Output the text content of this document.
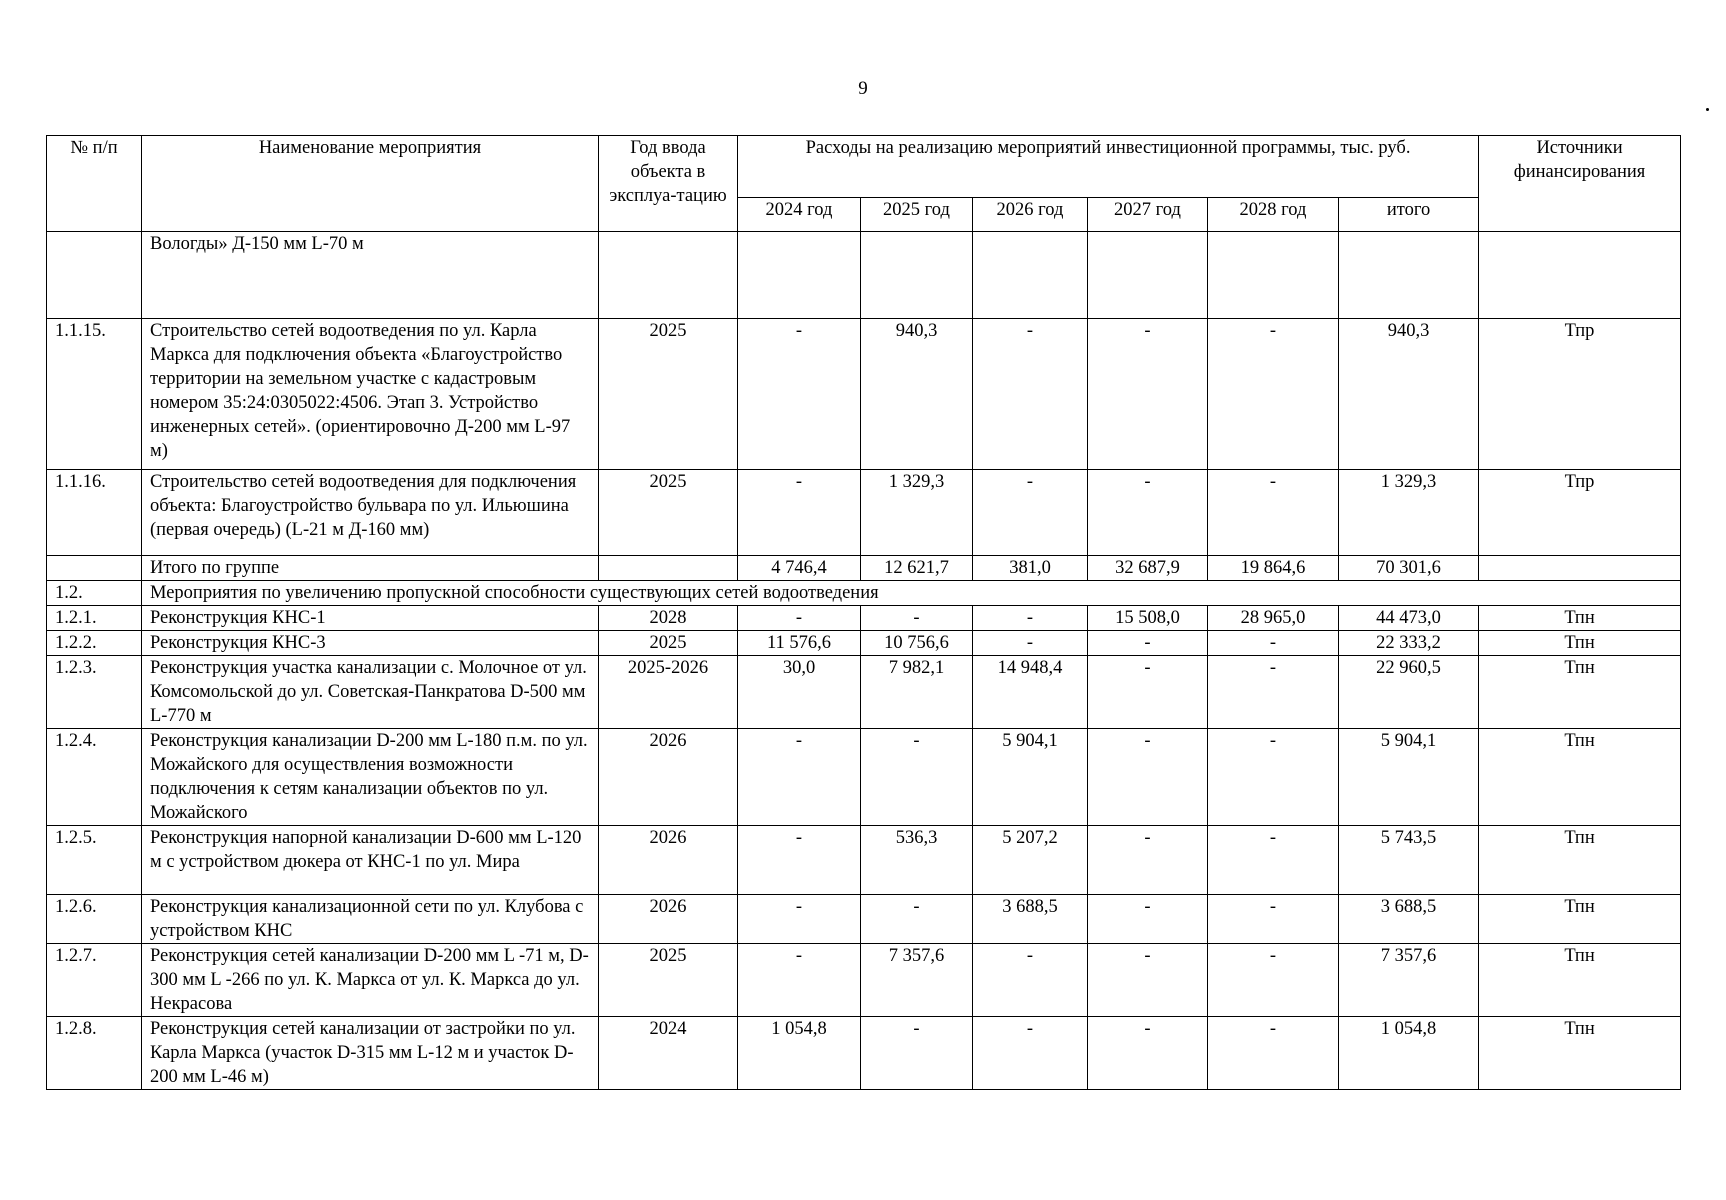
9
№ п/п	Наименование мероприятия	Год ввода объекта в эксплуа-тацию	Расходы на реализацию мероприятий инвестиционной программы, тыс. руб.						Источники финансирования
			2024 год	2025 год	2026 год	2027 год	2028 год	итого	
	Вологды» Д-150 мм L-70 м								
1.1.15.	Строительство сетей водоотведения по ул. Карла Маркса для подключения объекта «Благоустройство территории на земельном участке с кадастровым номером 35:24:0305022:4506. Этап 3. Устройство инженерных сетей». (ориентировочно Д-200 мм L-97 м)	2025	-	940,3	-	-	-	940,3	Тпр
1.1.16.	Строительство сетей водоотведения для подключения объекта: Благоустройство бульвара по ул. Ильюшина (первая очередь) (L-21 м Д-160 мм)	2025	-	1 329,3	-	-	-	1 329,3	Тпр
	Итого по группе		4 746,4	12 621,7	381,0	32 687,9	19 864,6	70 301,6	
1.2.	Мероприятия по увеличению пропускной способности существующих сетей водоотведения								
1.2.1.	Реконструкция КНС-1	2028	-	-	-	15 508,0	28 965,0	44 473,0	Тпн
1.2.2.	Реконструкция КНС-3	2025	11 576,6	10 756,6	-	-	-	22 333,2	Тпн
1.2.3.	Реконструкция участка канализации с. Молочное от ул. Комсомольской до ул. Советская-Панкратова D-500 мм L-770 м	2025-2026	30,0	7 982,1	14 948,4	-	-	22 960,5	Тпн
1.2.4.	Реконструкция канализации D-200 мм L-180 п.м. по ул. Можайского для осуществления возможности подключения к сетям канализации объектов по ул. Можайского	2026	-	-	5 904,1	-	-	5 904,1	Тпн
1.2.5.	Реконструкция напорной канализации D-600 мм L-120 м с устройством дюкера от КНС-1 по ул. Мира	2026	-	536,3	5 207,2	-	-	5 743,5	Тпн
1.2.6.	Реконструкция канализационной сети по ул. Клубова с устройством КНС	2026	-	-	3 688,5	-	-	3 688,5	Тпн
1.2.7.	Реконструкция сетей канализации D-200 мм L -71 м, D-300 мм L -266 по ул. К. Маркса от ул. К. Маркса до ул. Некрасова	2025	-	7 357,6	-	-	-	7 357,6	Тпн
1.2.8.	Реконструкция сетей канализации от застройки по ул. Карла Маркса (участок D-315 мм L-12 м и участок D-200 мм L-46 м)	2024	1 054,8	-	-	-	-	1 054,8	Тпн
